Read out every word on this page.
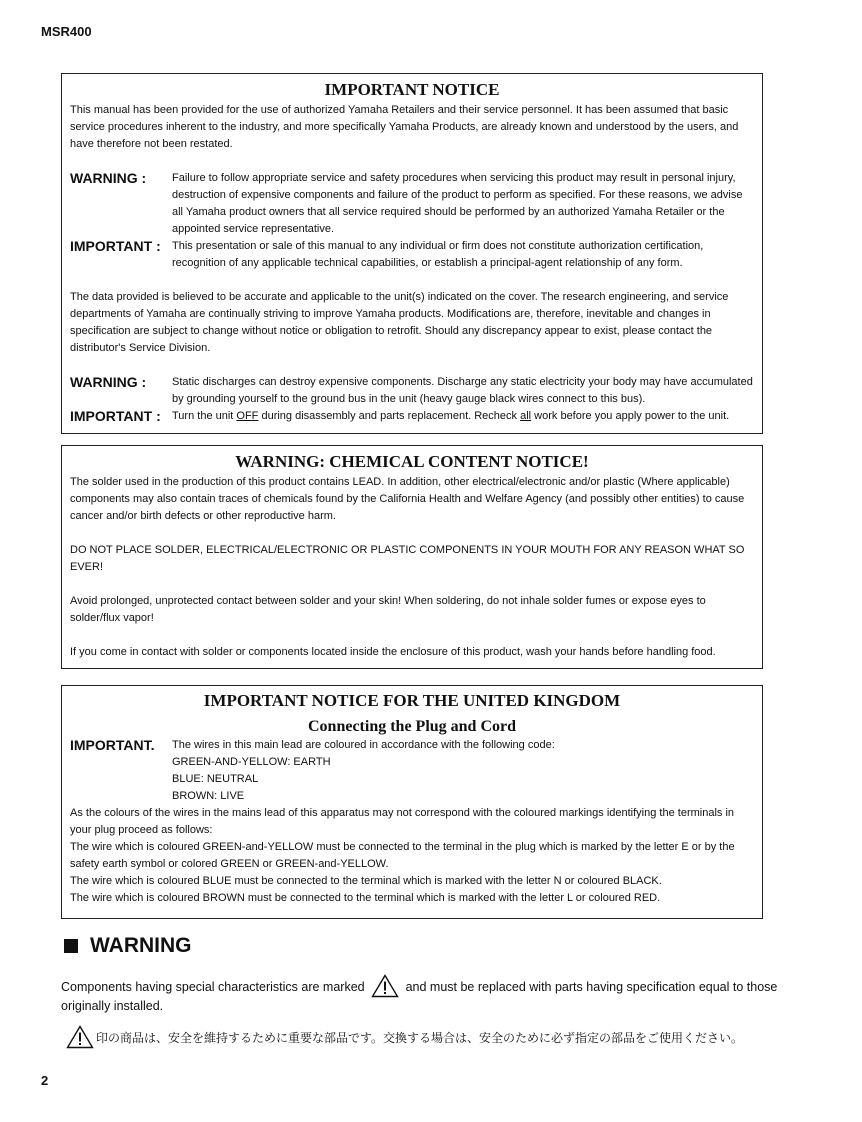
MSR400
IMPORTANT NOTICE

This manual has been provided for the use of authorized Yamaha Retailers and their service personnel. It has been assumed that basic service procedures inherent to the industry, and more specifically Yamaha Products, are already known and understood by the users, and have therefore not been restated.

WARNING :	Failure to follow appropriate service and safety procedures when servicing this product may result in personal injury, destruction of expensive components and failure of the product to perform as specified. For these reasons, we advise all Yamaha product owners that all service required should be performed by an authorized Yamaha Retailer or the appointed service representative.

IMPORTANT :	This presentation or sale of this manual to any individual or firm does not constitute authorization certification, recognition of any applicable technical capabilities, or establish a principal-agent relationship of any form.

The data provided is believed to be accurate and applicable to the unit(s) indicated on the cover. The research engineering, and service departments of Yamaha are continually striving to improve Yamaha products. Modifications are, therefore, inevitable and changes in specification are subject to change without notice or obligation to retrofit. Should any discrepancy appear to exist, please contact the distributor's Service Division.

WARNING :	Static discharges can destroy expensive components. Discharge any static electricity your body may have accumulated by grounding yourself to the ground bus in the unit (heavy gauge black wires connect to this bus).

IMPORTANT :	Turn the unit OFF during disassembly and parts replacement. Recheck all work before you apply power to the unit.

WARNING: CHEMICAL CONTENT NOTICE!

The solder used in the production of this product contains LEAD. In addition, other electrical/electronic and/or plastic (Where applicable) components may also contain traces of chemicals found by the California Health and Welfare Agency (and possibly other entities) to cause cancer and/or birth defects or other reproductive harm.

DO NOT PLACE SOLDER, ELECTRICAL/ELECTRONIC OR PLASTIC COMPONENTS IN YOUR MOUTH FOR ANY REASON WHAT SO EVER!

Avoid prolonged, unprotected contact between solder and your skin! When soldering, do not inhale solder fumes or expose eyes to solder/flux vapor!

If you come in contact with solder or components located inside the enclosure of this product, wash your hands before handling food.

IMPORTANT NOTICE FOR THE UNITED KINGDOM
Connecting the Plug and Cord
IMPORTANT.	The wires in this main lead are coloured in accordance with the following code:

GREEN-AND-YELLOW: EARTH

BLUE: NEUTRAL

BROWN: LIVE

As the colours of the wires in the mains lead of this apparatus may not correspond with the coloured markings identifying the terminals in your plug proceed as follows:

The wire which is coloured GREEN-and-YELLOW must be connected to the terminal in the plug which is marked by the letter E or by the safety earth symbol or colored GREEN or GREEN-and-YELLOW.

The wire which is coloured BLUE must be connected to the terminal which is marked with the letter N or coloured BLACK.

The wire which is coloured BROWN must be connected to the terminal which is marked with the letter L or coloured RED.

WARNING
Components having special characteristics are marked	and must be replaced with parts having specification equal to those originally installed.
印の商品は、安全を維持するために重要な部品です。交換する場合は、安全のために必ず指定の部品をご使用ください。
2
